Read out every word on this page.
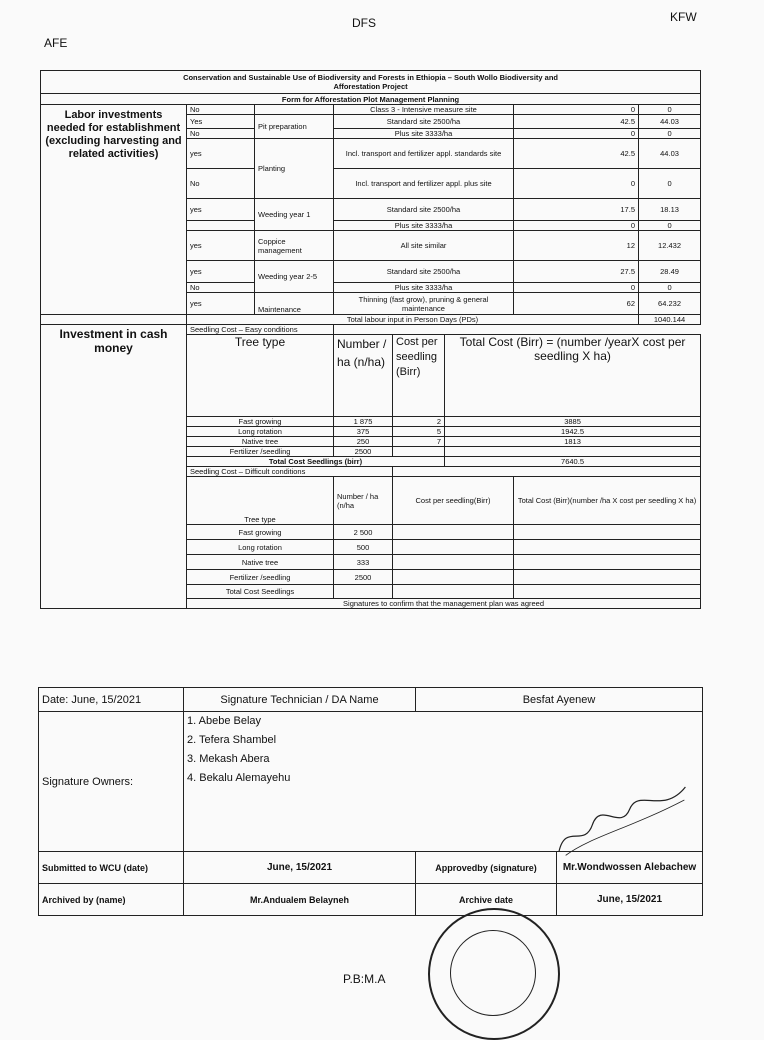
AFE
DFS	KFW
Conservation and Sustainable Use of Biodiversity and Forests in Ethiopia – South Wollo Biodiversity and
Afforestation Project							

Form for Afforestation Plot Management Planning							
Labor investments needed for establishment (excluding harvesting and related activities)	No		Class 3 - Intensive measure site			0	0
	Yes	Pit preparation	Standard site 2500/ha			42.5	44.03
	No		Plus site 3333/ha			0	0
	yes	Planting	Incl. transport and fertilizer appl. standards site			42.5	44.03
	No		Incl. transport and fertilizer appl. plus site			0	0
	yes	Weeding year 1	Standard site 2500/ha			17.5	18.13
			Plus site 3333/ha			0	0
	yes	Coppice management	All site similar			12	12.432
	yes	Weeding year 2-5	Standard site 2500/ha			27.5	28.49
	No		Plus site 3333/ha			0	0
	yes	Maintenance	Thinning (fast grow), pruning & general maintenance			62	64.232
	Total labour input in Person Days (PDs)						1040.144
Investment in cash money	Seedling Cost – Easy conditions						
	Tree type		Number / ha (n/ha)	Cost per seedling (Birr)	Total Cost (Birr) = (number /yearX cost per seedling X ha)		
	Fast growing		1 875	2	3885		
	Long rotation		375	5	1942.5		
	Native tree		250	7	1813		
	Fertilizer /seedling		2500				
	Total Cost Seedlings (birr)				7640.5		
	Seedling Cost – Difficult conditions						
	Tree type		Number / ha (n/ha	Cost per seedling(Birr)		Total Cost (Birr)(number /ha X cost per seedling X ha)	
	Fast growing		2 500				
	Long rotation		500				
	Native tree		333				
	Fertilizer /seedling		2500				
	Total Cost Seedlings						
	Signatures to confirm that the management plan was agreed						
Date: June, 15/2021	Signature Technician / DA Name	Besfat Ayenew	
Signature Owners:	1. Abebe Belay
2. Tefera Shambel
3. Mekash Abera
4. Bekalu Alemayehu		

Submitted to WCU (date)	June, 15/2021	Approvedby (signature)	Mr.Wondwossen Alebachew
Archived by (name)	Mr.Andualem Belayneh	Archive date	June, 15/2021
P.B:M.A
